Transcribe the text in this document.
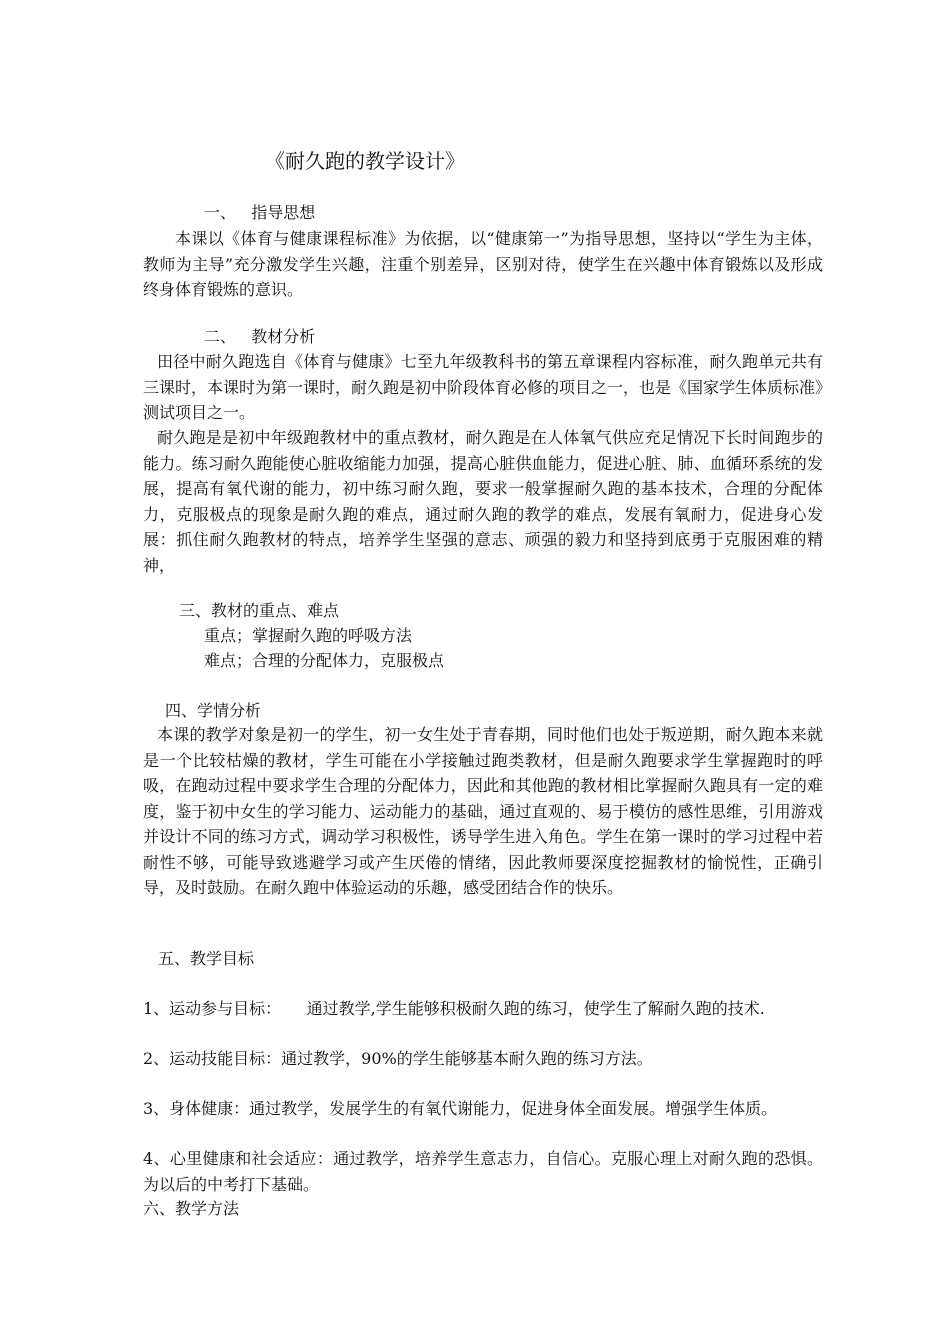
《耐久跑的教学设计》

一、   指导思想

本课以《体育与健康课程标准》为依据，以“健康第一”为指导思想，坚持以“学生为主体，教师为主导”充分激发学生兴趣，注重个别差异，区别对待，使学生在兴趣中体育锻炼以及形成终身体育锻炼的意识。

二、   教材分析

田径中耐久跑选自《体育与健康》七至九年级教科书的第五章课程内容标准，耐久跑单元共有三课时，本课时为第一课时，耐久跑是初中阶段体育必修的项目之一，也是《国家学生体质标准》测试项目之一。

耐久跑是是初中年级跑教材中的重点教材，耐久跑是在人体氧气供应充足情况下长时间跑步的能力。练习耐久跑能使心脏收缩能力加强，提高心脏供血能力，促进心脏、肺、血循环系统的发展，提高有氧代谢的能力，初中练习耐久跑，要求一般掌握耐久跑的基本技术，合理的分配体力，克服极点的现象是耐久跑的难点，通过耐久跑的教学的难点，发展有氧耐力，促进身心发展：抓住耐久跑教材的特点，培养学生坚强的意志、顽强的毅力和坚持到底勇于克服困难的精神，

三、教材的重点、难点

重点；掌握耐久跑的呼吸方法

难点；合理的分配体力，克服极点

四、学情分析

本课的教学对象是初一的学生，初一女生处于青春期，同时他们也处于叛逆期，耐久跑本来就是一个比较枯燥的教材，学生可能在小学接触过跑类教材，但是耐久跑要求学生掌握跑时的呼吸，在跑动过程中要求学生合理的分配体力，因此和其他跑的教材相比掌握耐久跑具有一定的难度，鉴于初中女生的学习能力、运动能力的基础，通过直观的、易于模仿的感性思维，引用游戏并设计不同的练习方式，调动学习积极性，诱导学生进入角色。学生在第一课时的学习过程中若耐性不够，可能导致逃避学习或产生厌倦的情绪，因此教师要深度挖掘教材的愉悦性，正确引导，及时鼓励。在耐久跑中体验运动的乐趣，感受团结合作的快乐。

五、教学目标

1、运动参与目标：     通过教学,学生能够积极耐久跑的练习，使学生了解耐久跑的技术.

2、运动技能目标：通过教学，90%的学生能够基本耐久跑的练习方法。

3、身体健康：通过教学，发展学生的有氧代谢能力，促进身体全面发展。增强学生体质。

4、心里健康和社会适应：通过教学，培养学生意志力，自信心。克服心理上对耐久跑的恐惧。为以后的中考打下基础。

六、教学方法
